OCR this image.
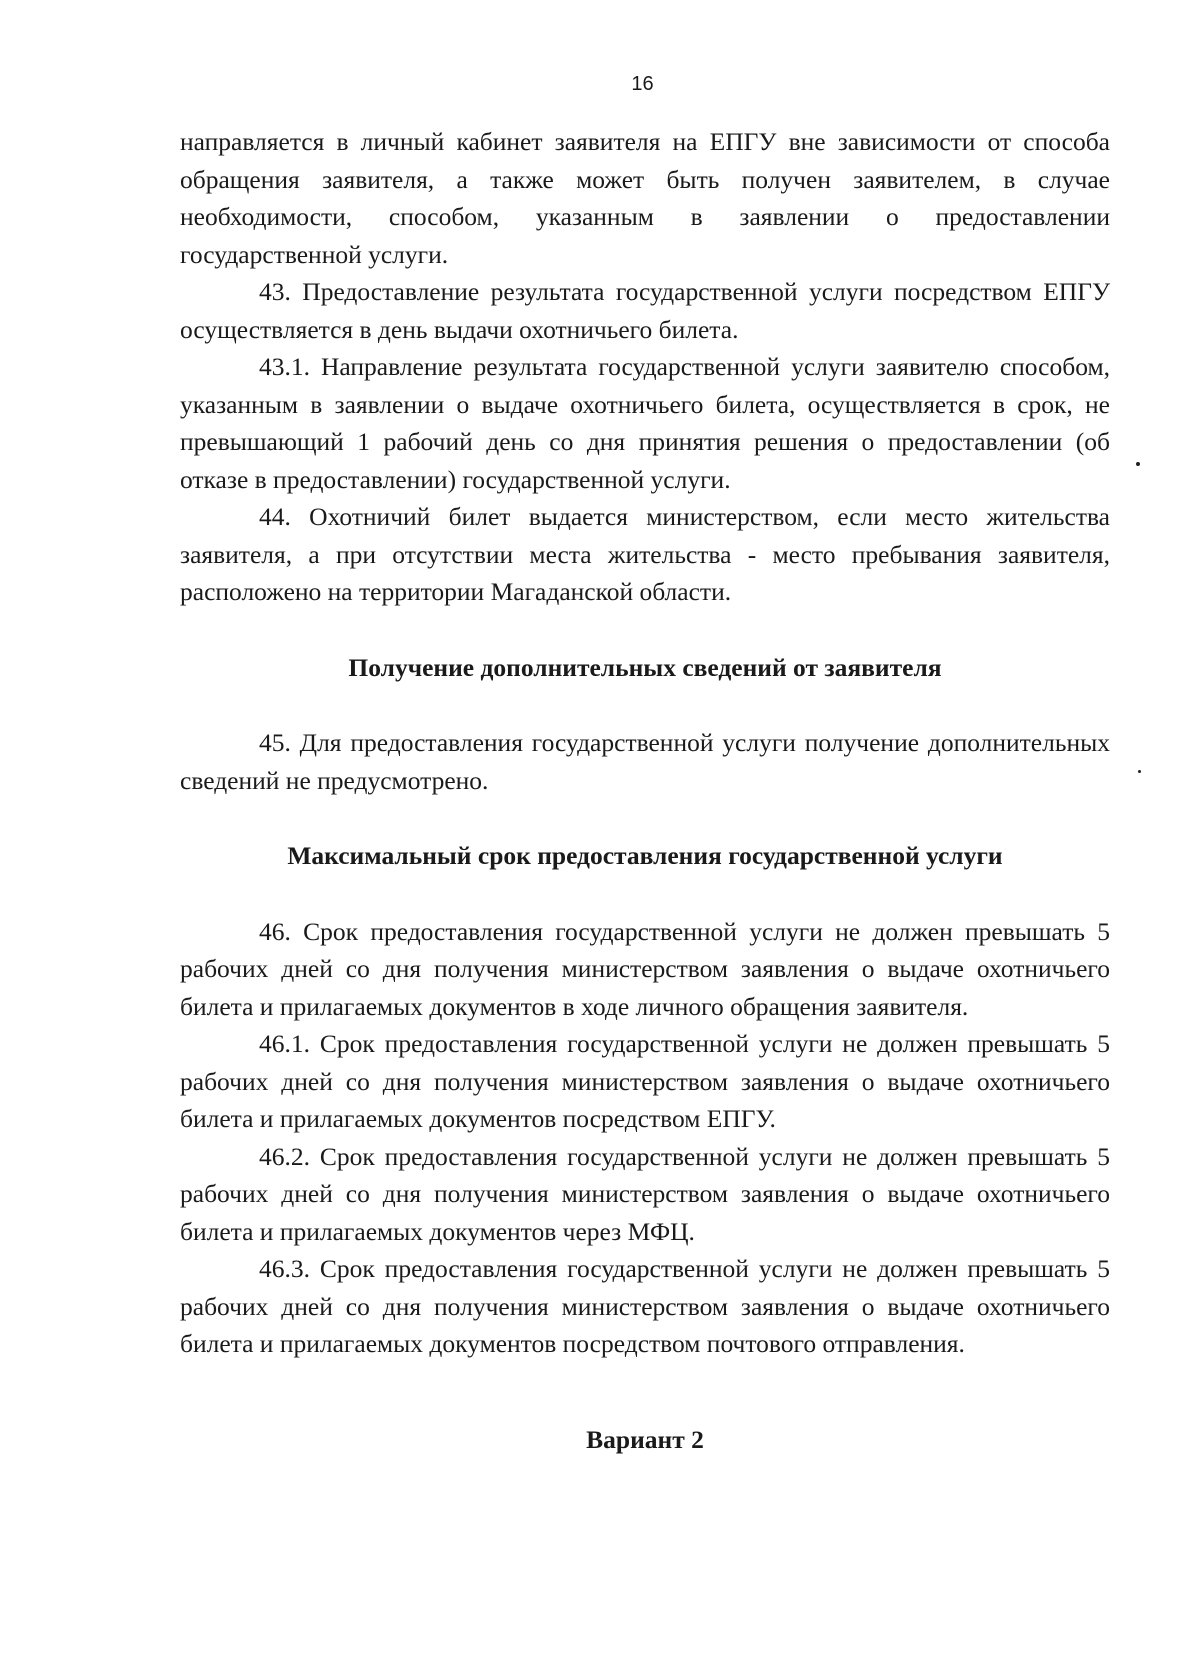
16

направляется в личный кабинет заявителя на ЕПГУ вне зависимости от способа обращения заявителя, а также может быть получен заявителем, в случае необходимости, способом, указанным в заявлении о предоставлении государственной услуги.

43. Предоставление результата государственной услуги посредством ЕПГУ осуществляется в день выдачи охотничьего билета.

43.1. Направление результата государственной услуги заявителю способом, указанным в заявлении о выдаче охотничьего билета, осуществляется в срок, не превышающий 1 рабочий день со дня принятия решения о предоставлении (об отказе в предоставлении) государственной услуги.

44. Охотничий билет выдается министерством, если место жительства заявителя, а при отсутствии места жительства - место пребывания заявителя, расположено на территории Магаданской области.

Получение дополнительных сведений от заявителя

45. Для предоставления государственной услуги получение дополнительных сведений не предусмотрено.

Максимальный срок предоставления государственной услуги

46. Срок предоставления государственной услуги не должен превышать 5 рабочих дней со дня получения министерством заявления о выдаче охотничьего билета и прилагаемых документов в ходе личного обращения заявителя.

46.1. Срок предоставления государственной услуги не должен превышать 5 рабочих дней со дня получения министерством заявления о выдаче охотничьего билета и прилагаемых документов посредством ЕПГУ.

46.2. Срок предоставления государственной услуги не должен превышать 5 рабочих дней со дня получения министерством заявления о выдаче охотничьего билета и прилагаемых документов через МФЦ.

46.3. Срок предоставления государственной услуги не должен превышать 5 рабочих дней со дня получения министерством заявления о выдаче охотничьего билета и прилагаемых документов посредством почтового отправления.

Вариант 2
